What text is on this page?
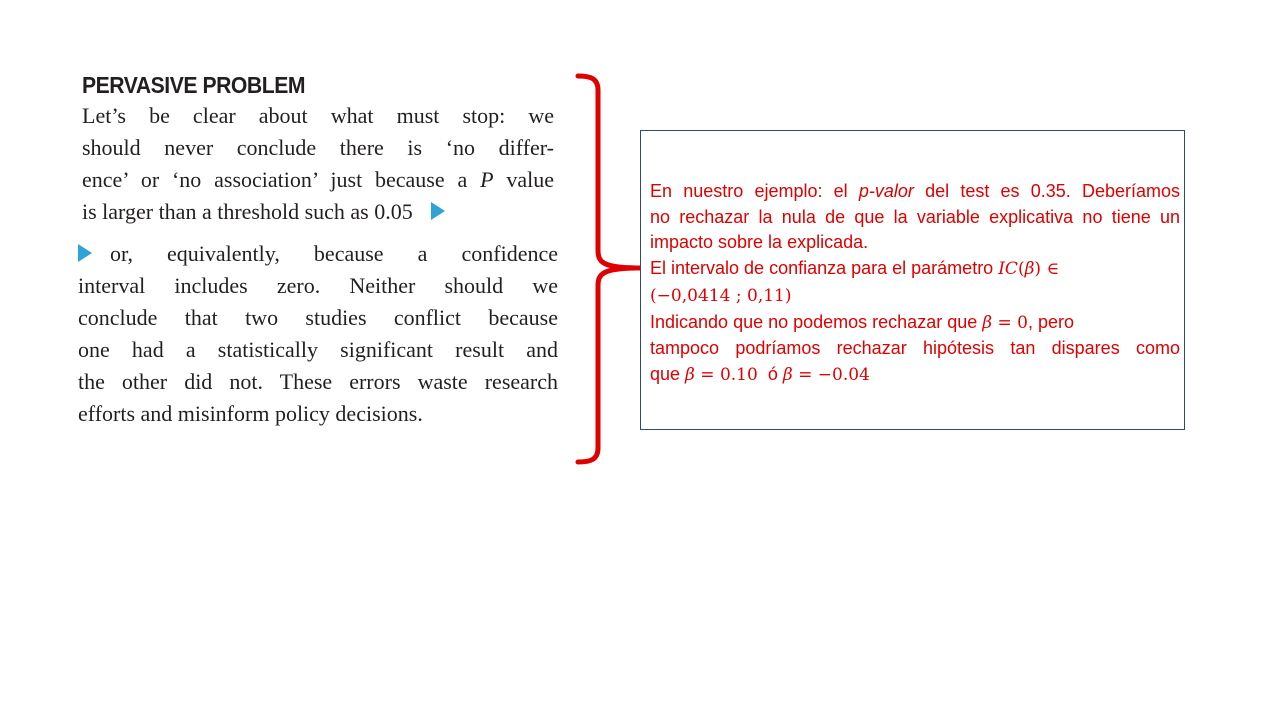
PERVASIVE PROBLEM
Let’s be clear about what must stop: we
should never conclude there is ‘no differ-
ence’ or ‘no association’ just because a P value
is larger than a threshold such as 0.05
or, equivalently, because a confidence
interval includes zero. Neither should we
conclude that two studies conflict because
one had a statistically significant result and
the other did not. These errors waste research
efforts and misinform policy decisions.
En nuestro ejemplo: el p-valor del test es 0.35. Deberíamos
no rechazar la nula de que la variable explicativa no tiene un
impacto sobre la explicada.
El intervalo de confianza para el parámetro IC(β) ∈
(−0,0414 ; 0,11)
Indicando que no podemos rechazar que β = 0, pero
tampoco podríamos rechazar hipótesis tan dispares como
que β = 0.10  ó β = −0.04
